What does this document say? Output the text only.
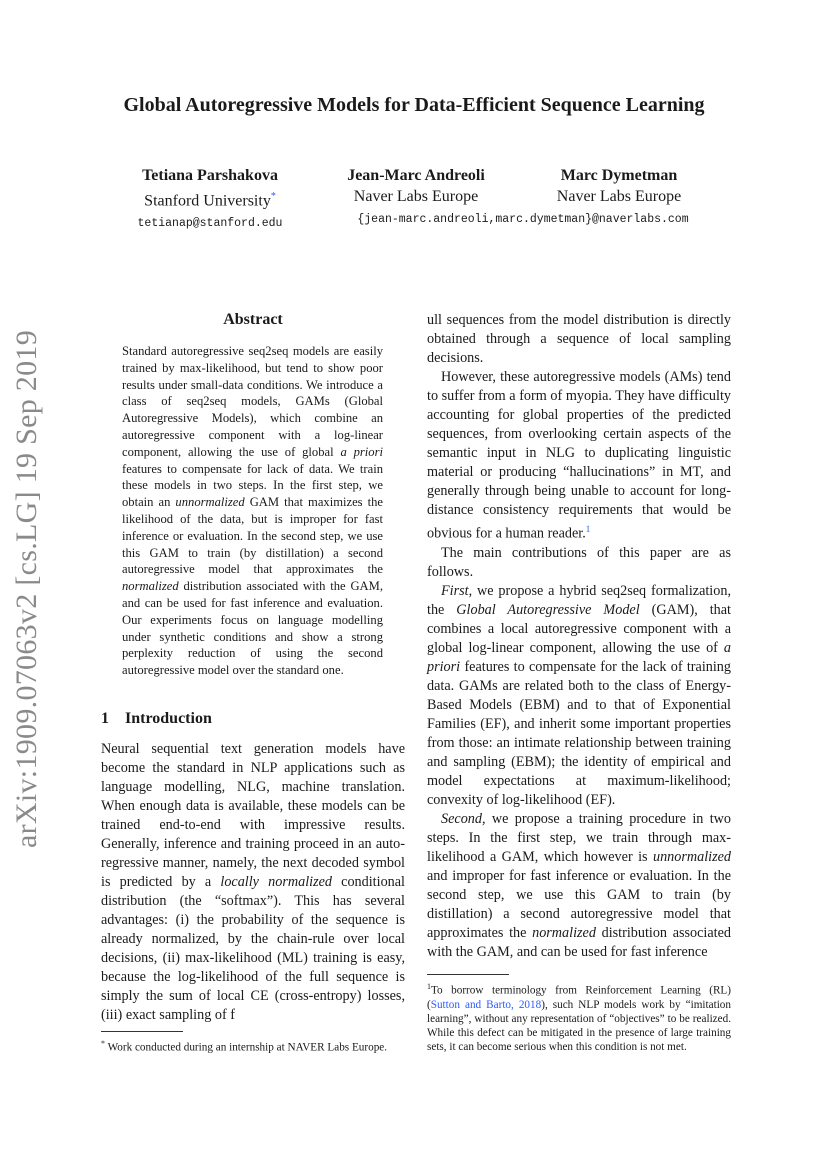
arXiv:1909.07063v2 [cs.LG] 19 Sep 2019
Global Autoregressive Models for Data-Efficient Sequence Learning
Tetiana Parshakova
Stanford University*
tetianap@stanford.edu
Jean-Marc Andreoli
Naver Labs Europe
Marc Dymetman
Naver Labs Europe
{jean-marc.andreoli,marc.dymetman}@naverlabs.com
Abstract

Standard autoregressive seq2seq models are easily trained by max-likelihood, but tend to show poor results under small-data conditions. We introduce a class of seq2seq models, GAMs (Global Autoregressive Models), which combine an autoregressive component with a log-linear component, allowing the use of global a priori features to compensate for lack of data. We train these models in two steps. In the first step, we obtain an unnormalized GAM that maximizes the likelihood of the data, but is improper for fast inference or evaluation. In the second step, we use this GAM to train (by distillation) a second autoregressive model that approximates the normalized distribution associated with the GAM, and can be used for fast inference and evaluation. Our experiments focus on language modelling under synthetic conditions and show a strong perplexity reduction of using the second autoregressive model over the standard one.

1 Introduction

Neural sequential text generation models have become the standard in NLP applications such as language modelling, NLG, machine translation. When enough data is available, these models can be trained end-to-end with impressive results. Generally, inference and training proceed in an auto-regressive manner, namely, the next decoded symbol is predicted by a locally normalized conditional distribution (the “softmax”). This has several advantages: (i) the probability of the sequence is already normalized, by the chain-rule over local decisions, (ii) max-likelihood (ML) training is easy, because the log-likelihood of the full sequence is simply the sum of local CE (cross-entropy) losses, (iii) exact sampling of f

ull sequences from the model distribution is directly obtained through a sequence of local sampling decisions.

However, these autoregressive models (AMs) tend to suffer from a form of myopia. They have difficulty accounting for global properties of the predicted sequences, from overlooking certain aspects of the semantic input in NLG to duplicating linguistic material or producing “hallucinations” in MT, and generally through being unable to account for long-distance consistency requirements that would be obvious for a human reader.$^1$

The main contributions of this paper are as follows.

First, we propose a hybrid seq2seq formalization, the Global Autoregressive Model (GAM), that combines a local autoregressive component with a global log-linear component, allowing the use of a priori features to compensate for the lack of training data. GAMs are related both to the class of Energy-Based Models (EBM) and to that of Exponential Families (EF), and inherit some important properties from those: an intimate relationship between training and sampling (EBM); the identity of empirical and model expectations at maximum-likelihood; convexity of log-likelihood (EF).

Second, we propose a training procedure in two steps. In the first step, we train through max-likelihood a GAM, which however is unnormalized and improper for fast inference or evaluation. In the second step, we use this GAM to train (by distillation) a second autoregressive model that approximates the normalized distribution associated with the GAM, and can be used for fast inference

* Work conducted during an internship at NAVER Labs Europe.

$^1$To borrow terminology from Reinforcement Learning (RL) (Sutton and Barto, 2018), such NLP models work by “imitation learning”, without any representation of “objectives” to be realized. While this defect can be mitigated in the presence of large training sets, it can become serious when this condition is not met.
